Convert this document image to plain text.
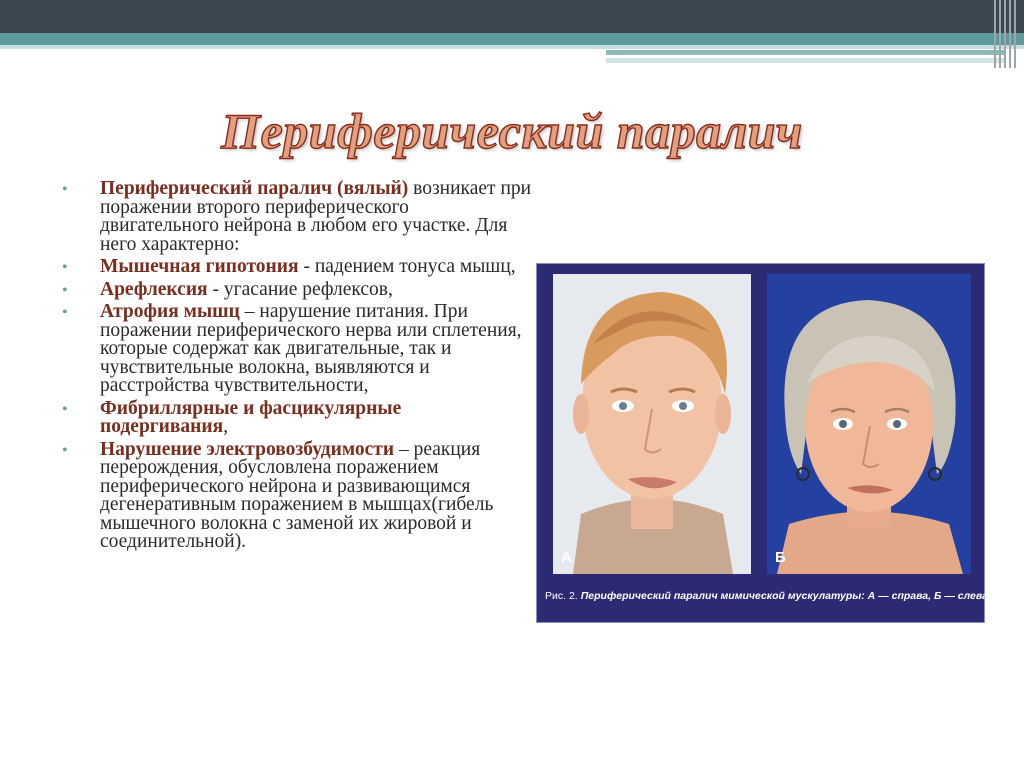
Периферический паралич
• Периферический паралич (вялый) возникает при поражении второго периферического двигательного нейрона в любом его участке. Для него характерно:
• Мышечная гипотония - падением тонуса мышц,
• Арефлексия - угасание рефлексов,
• Атрофия мышц – нарушение питания. При поражении периферического нерва или сплетения, которые содержат как двигательные, так и чувствительные волокна, выявляются и расстройства чувствительности,
• Фибриллярные и фасцикулярные подергивания,
• Нарушение электровозбудимости – реакция перерождения, обусловлена поражением периферического нейрона и развивающимся дегенеративным поражением в мышцах(гибель мышечного волокна с заменой их жировой и соединительной).
А	Б
Рис. 2. Периферический паралич мимической мускулатуры: А — справа, Б — слева
